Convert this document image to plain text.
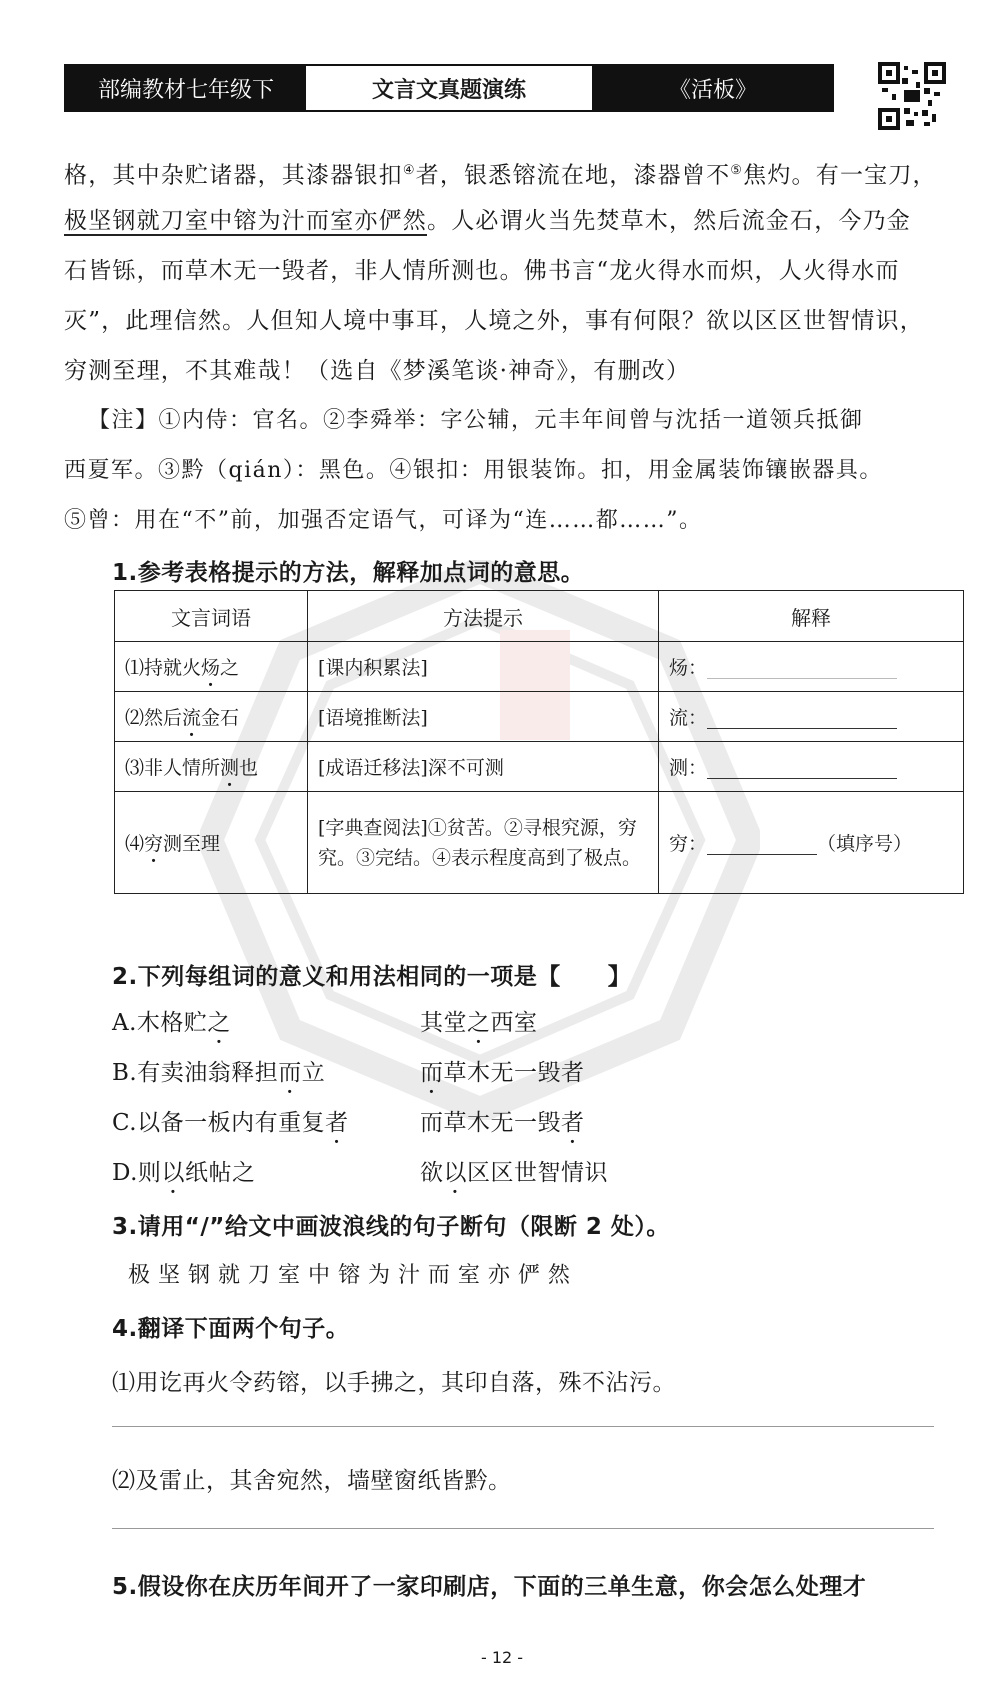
部编教材七年级下	文言文真题演练	《活板》

格，其中杂贮诸器，其漆器银扣④者，银悉镕流在地，漆器曾不⑤焦灼。有一宝刀，

极坚钢就刀室中镕为汁而室亦俨然。人必谓火当先焚草木，然后流金石，今乃金

石皆铄，而草木无一毁者，非人情所测也。佛书言“龙火得水而炽，人火得水而

灭”，此理信然。人但知人境中事耳，人境之外，事有何限？欲以区区世智情识，

穷测至理，不其难哉！（选自《梦溪笔谈·神奇》，有删改）

【注】①内侍：官名。②李舜举：字公辅，元丰年间曾与沈括一道领兵抵御

西夏军。③黔（qián）：黑色。④银扣：用银装饰。扣，用金属装饰镶嵌器具。

⑤曾：用在“不”前，加强否定语气，可译为“连……都……”。

1.参考表格提示的方法，解释加点词的意思。

文言词语	方法提示	解释
⑴持就火炀之	[课内积累法]	炀：
⑵然后流金石	[语境推断法]	流：
⑶非人情所测也	[成语迁移法]深不可测	测：
⑷穷测至理	[字典查阅法]①贫苦。②寻根究源，穷究。③完结。④表示程度高到了极点。	穷： （填序号）

2.下列每组词的意义和用法相同的一项是【　　】

A.木格贮之	其堂之西室

B.有卖油翁释担而立	而草木无一毁者

C.以备一板内有重复者	而草木无一毁者

D.则以纸帖之	欲以区区世智情识

3.请用“/”给文中画波浪线的句子断句（限断 2 处）。

极 坚 钢 就 刀 室 中 镕 为 汁 而 室 亦 俨 然

4.翻译下面两个句子。

⑴用讫再火令药镕，以手拂之，其印自落，殊不沾污。

⑵及雷止，其舍宛然，墙壁窗纸皆黔。

5.假设你在庆历年间开了一家印刷店，下面的三单生意，你会怎么处理才

- 12 -
